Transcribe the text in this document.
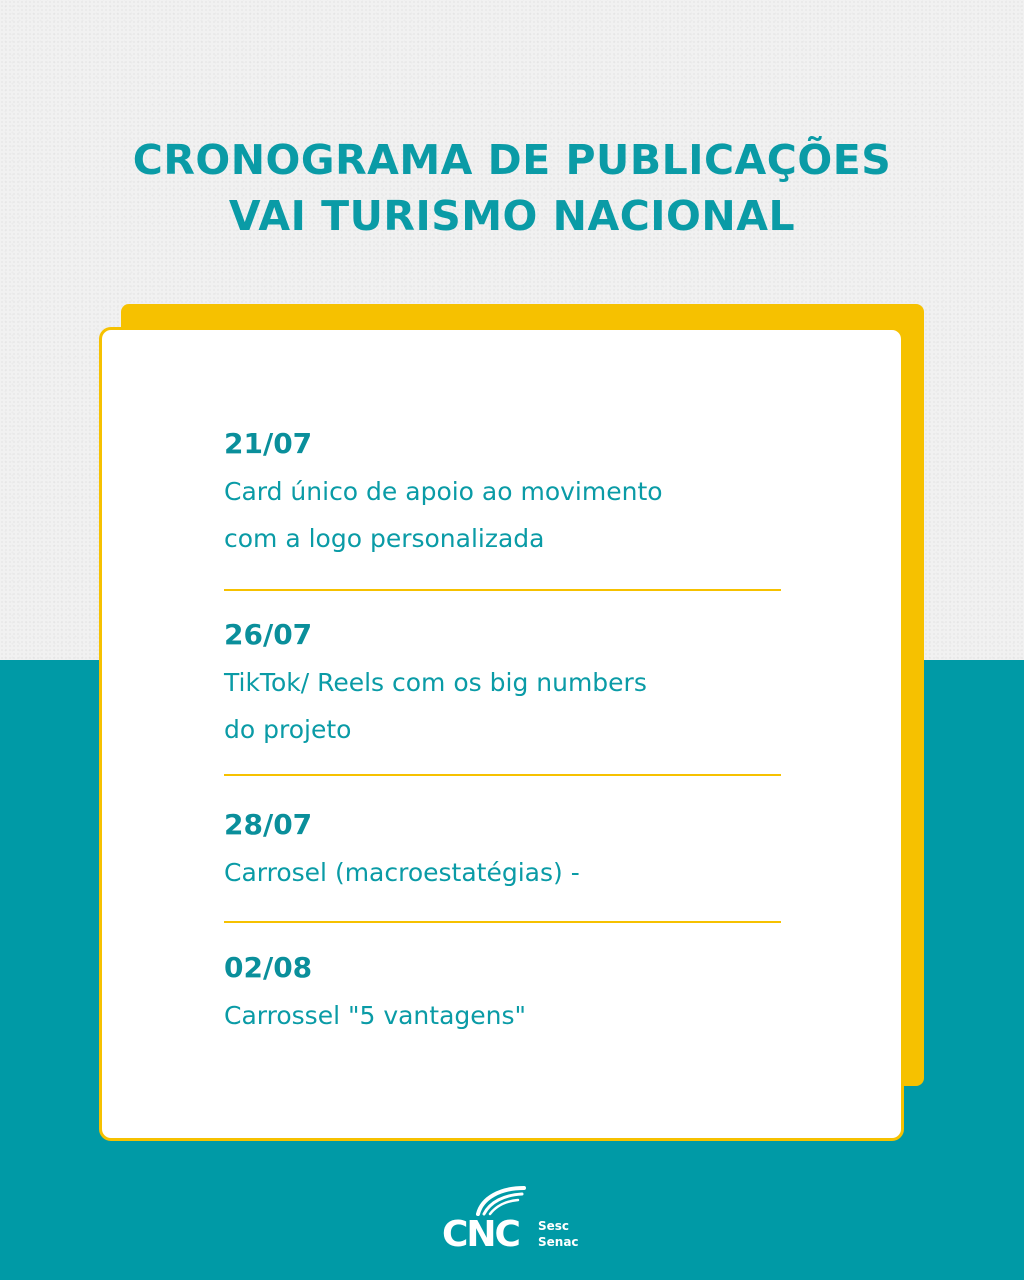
CRONOGRAMA DE PUBLICAÇÕES
VAI TURISMO NACIONAL
21/07
Card único de apoio ao movimento
com a logo personalizada
26/07
TikTok/ Reels com os big numbers
do projeto
28/07
Carrosel (macroestatégias) -
02/08
Carrossel "5 vantagens"
CNC Sesc
Senac
